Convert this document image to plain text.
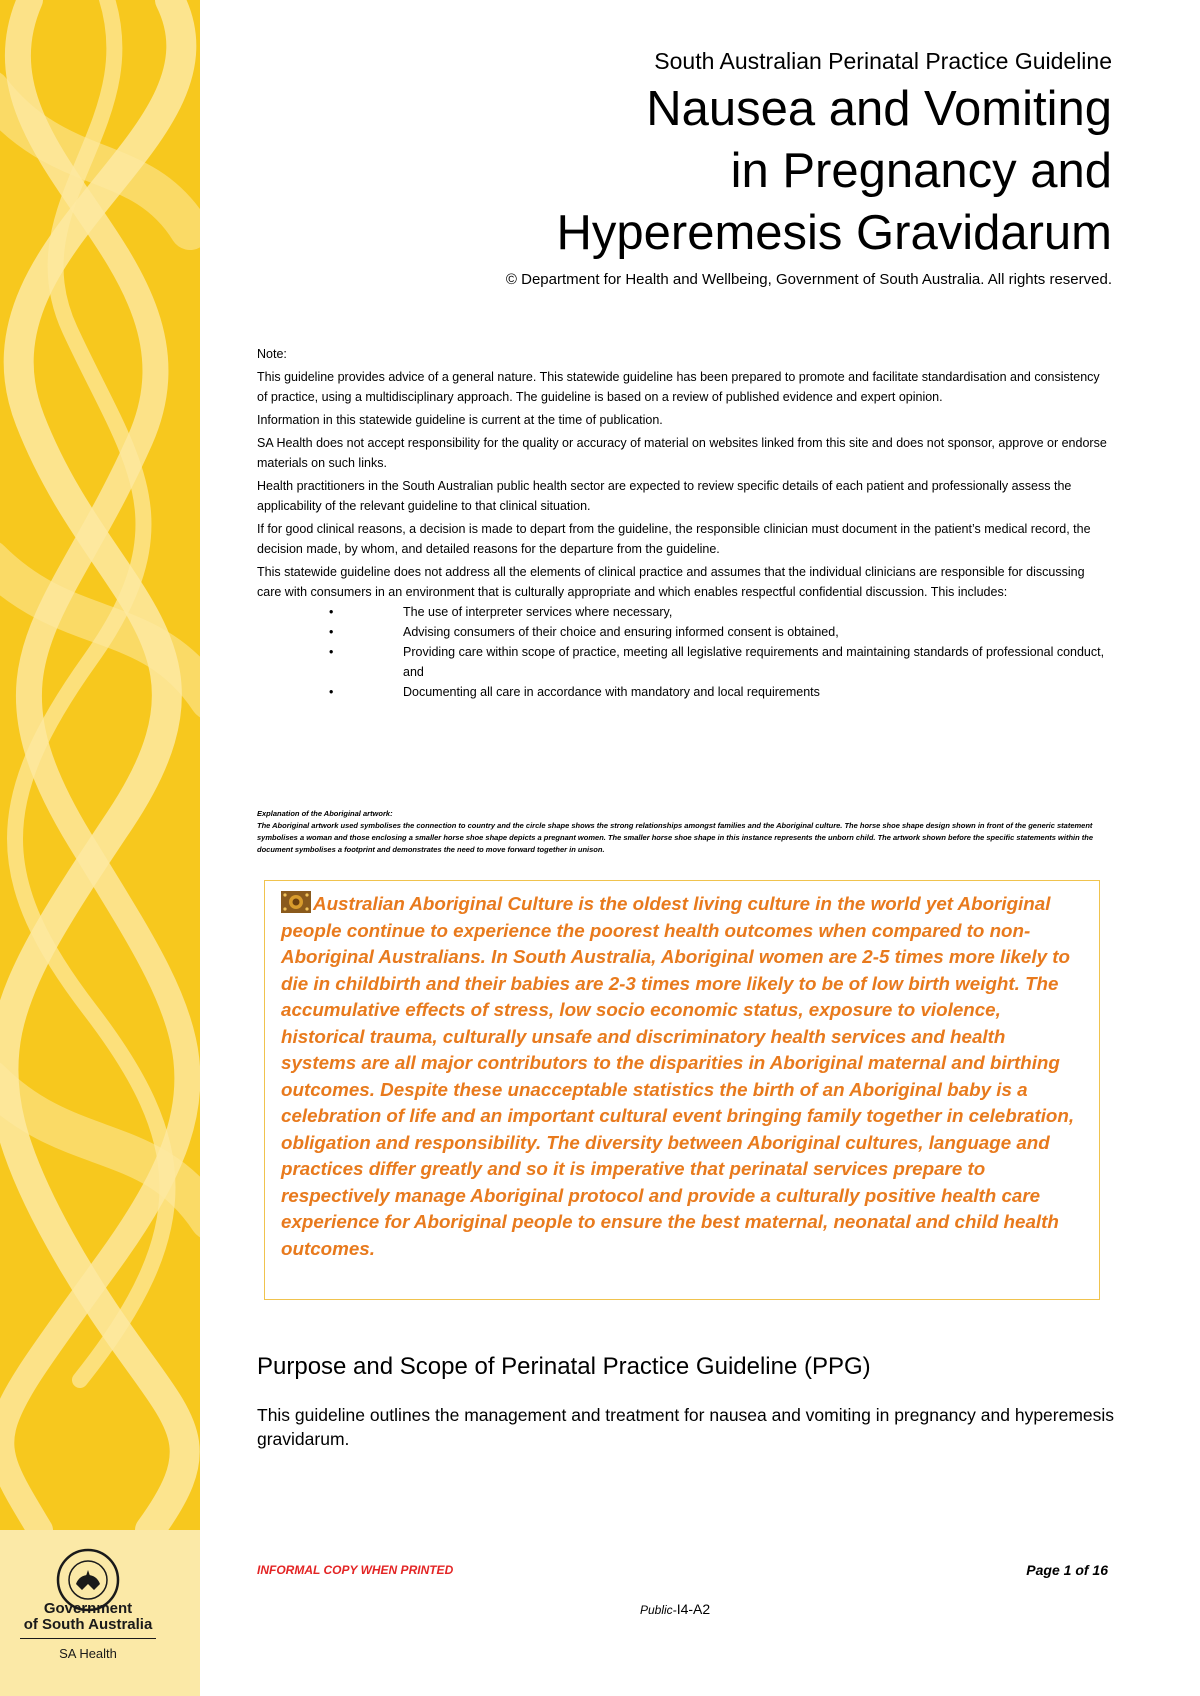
Government
of South Australia
SA Health
South Australian Perinatal Practice Guideline
Nausea and Vomiting
in Pregnancy and
Hyperemesis Gravidarum
© Department for Health and Wellbeing, Government of South Australia. All rights reserved.

Note:

This guideline provides advice of a general nature. This statewide guideline has been prepared to promote and facilitate standardisation and consistency of practice, using a multidisciplinary approach. The guideline is based on a review of published evidence and expert opinion.

Information in this statewide guideline is current at the time of publication.

SA Health does not accept responsibility for the quality or accuracy of material on websites linked from this site and does not sponsor, approve or endorse materials on such links.

Health practitioners in the South Australian public health sector are expected to review specific details of each patient and professionally assess the applicability of the relevant guideline to that clinical situation.

If for good clinical reasons, a decision is made to depart from the guideline, the responsible clinician must document in the patient’s medical record, the decision made, by whom, and detailed reasons for the departure from the guideline.

This statewide guideline does not address all the elements of clinical practice and assumes that the individual clinicians are responsible for discussing care with consumers in an environment that is culturally appropriate and which enables respectful confidential discussion. This includes:

•	The use of interpreter services where necessary,
•	Advising consumers of their choice and ensuring informed consent is obtained,
•	Providing care within scope of practice, meeting all legislative requirements and maintaining standards of professional conduct, and
•	Documenting all care in accordance with mandatory and local requirements

Explanation of the Aboriginal artwork:

The Aboriginal artwork used symbolises the connection to country and the circle shape shows the strong relationships amongst families and the Aboriginal culture. The horse shoe shape design shown in front of the generic statement symbolises a woman and those enclosing a smaller horse shoe shape depicts a pregnant women. The smaller horse shoe shape in this instance represents the unborn child. The artwork shown before the specific statements within the document symbolises a footprint and demonstrates the need to move forward together in unison.

Australian Aboriginal Culture is the oldest living culture in the world yet Aboriginal people continue to experience the poorest health outcomes when compared to non-Aboriginal Australians. In South Australia, Aboriginal women are 2-5 times more likely to die in childbirth and their babies are 2-3 times more likely to be of low birth weight. The accumulative effects of stress, low socio economic status, exposure to violence, historical trauma, culturally unsafe and discriminatory health services and health systems are all major contributors to the disparities in Aboriginal maternal and birthing outcomes. Despite these unacceptable statistics the birth of an Aboriginal baby is a celebration of life and an important cultural event bringing family together in celebration, obligation and responsibility. The diversity between Aboriginal cultures, language and practices differ greatly and so it is imperative that perinatal services prepare to respectively manage Aboriginal protocol and provide a culturally positive health care experience for Aboriginal people to ensure the best maternal, neonatal and child health outcomes.
Purpose and Scope of Perinatal Practice Guideline (PPG)
This guideline outlines the management and treatment for nausea and vomiting in pregnancy and hyperemesis gravidarum.
INFORMAL COPY WHEN PRINTED	Page 1 of 16
Public-I4-A2
